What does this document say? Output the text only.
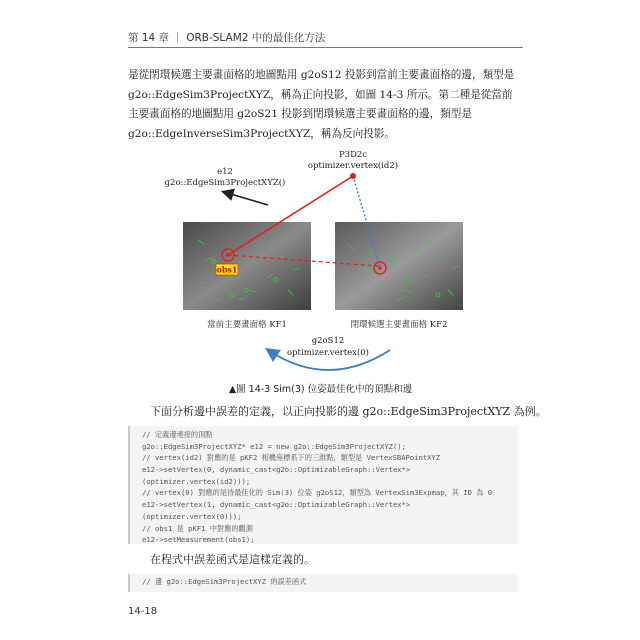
第 14 章 ｜ ORB-SLAM2 中的最佳化方法
是從閉環候選主要畫面格的地圖點用 g2oS12 投影到當前主要畫面格的邊，類型是 g2o::EdgeSim3ProjectXYZ，稱為正向投影，如圖 14-3 所示。第二種是從當前主要畫面格的地圖點用 g2oS21 投影到閉環候選主要畫面格的邊，類型是 g2o::EdgeInverseSim3ProjectXYZ，稱為反向投影。
e12
g2o::EdgeSim3ProjectXYZ()
P3D2c
optimizer.vertex(id2)
obs1
當前主要畫面格 KF1	閉環候選主要畫面格 KF2
g2oS12
optimizer.vertex(0)
▲圖 14-3 Sim(3) 位姿最佳化中的頂點和邊
下面分析邊中誤差的定義，以正向投影的邊 g2o::EdgeSim3ProjectXYZ 為例。
// 定義邊連接的頂點
g2o::EdgeSim3ProjectXYZ* e12 = new g2o::EdgeSim3ProjectXYZ();
// vertex(id2) 對應的是 pKF2 相機座標系下的三維點，類型是 VertexSBAPointXYZ
e12->setVertex(0, dynamic_cast<g2o::OptimizableGraph::Vertex*>
(optimizer.vertex(id2)));
// vertex(0) 對應的是待最佳化的 Sim(3) 位姿 g2oS12，類型為 VertexSim3Expmap，其 ID 為 0
e12->setVertex(1, dynamic_cast<g2o::OptimizableGraph::Vertex*>
(optimizer.vertex(0)));
// obs1 是 pKF1 中對應的觀測
e12->setMeasurement(obs1);
在程式中誤差函式是這樣定義的。
// 邊 g2o::EdgeSim3ProjectXYZ 的誤差函式
14-18
